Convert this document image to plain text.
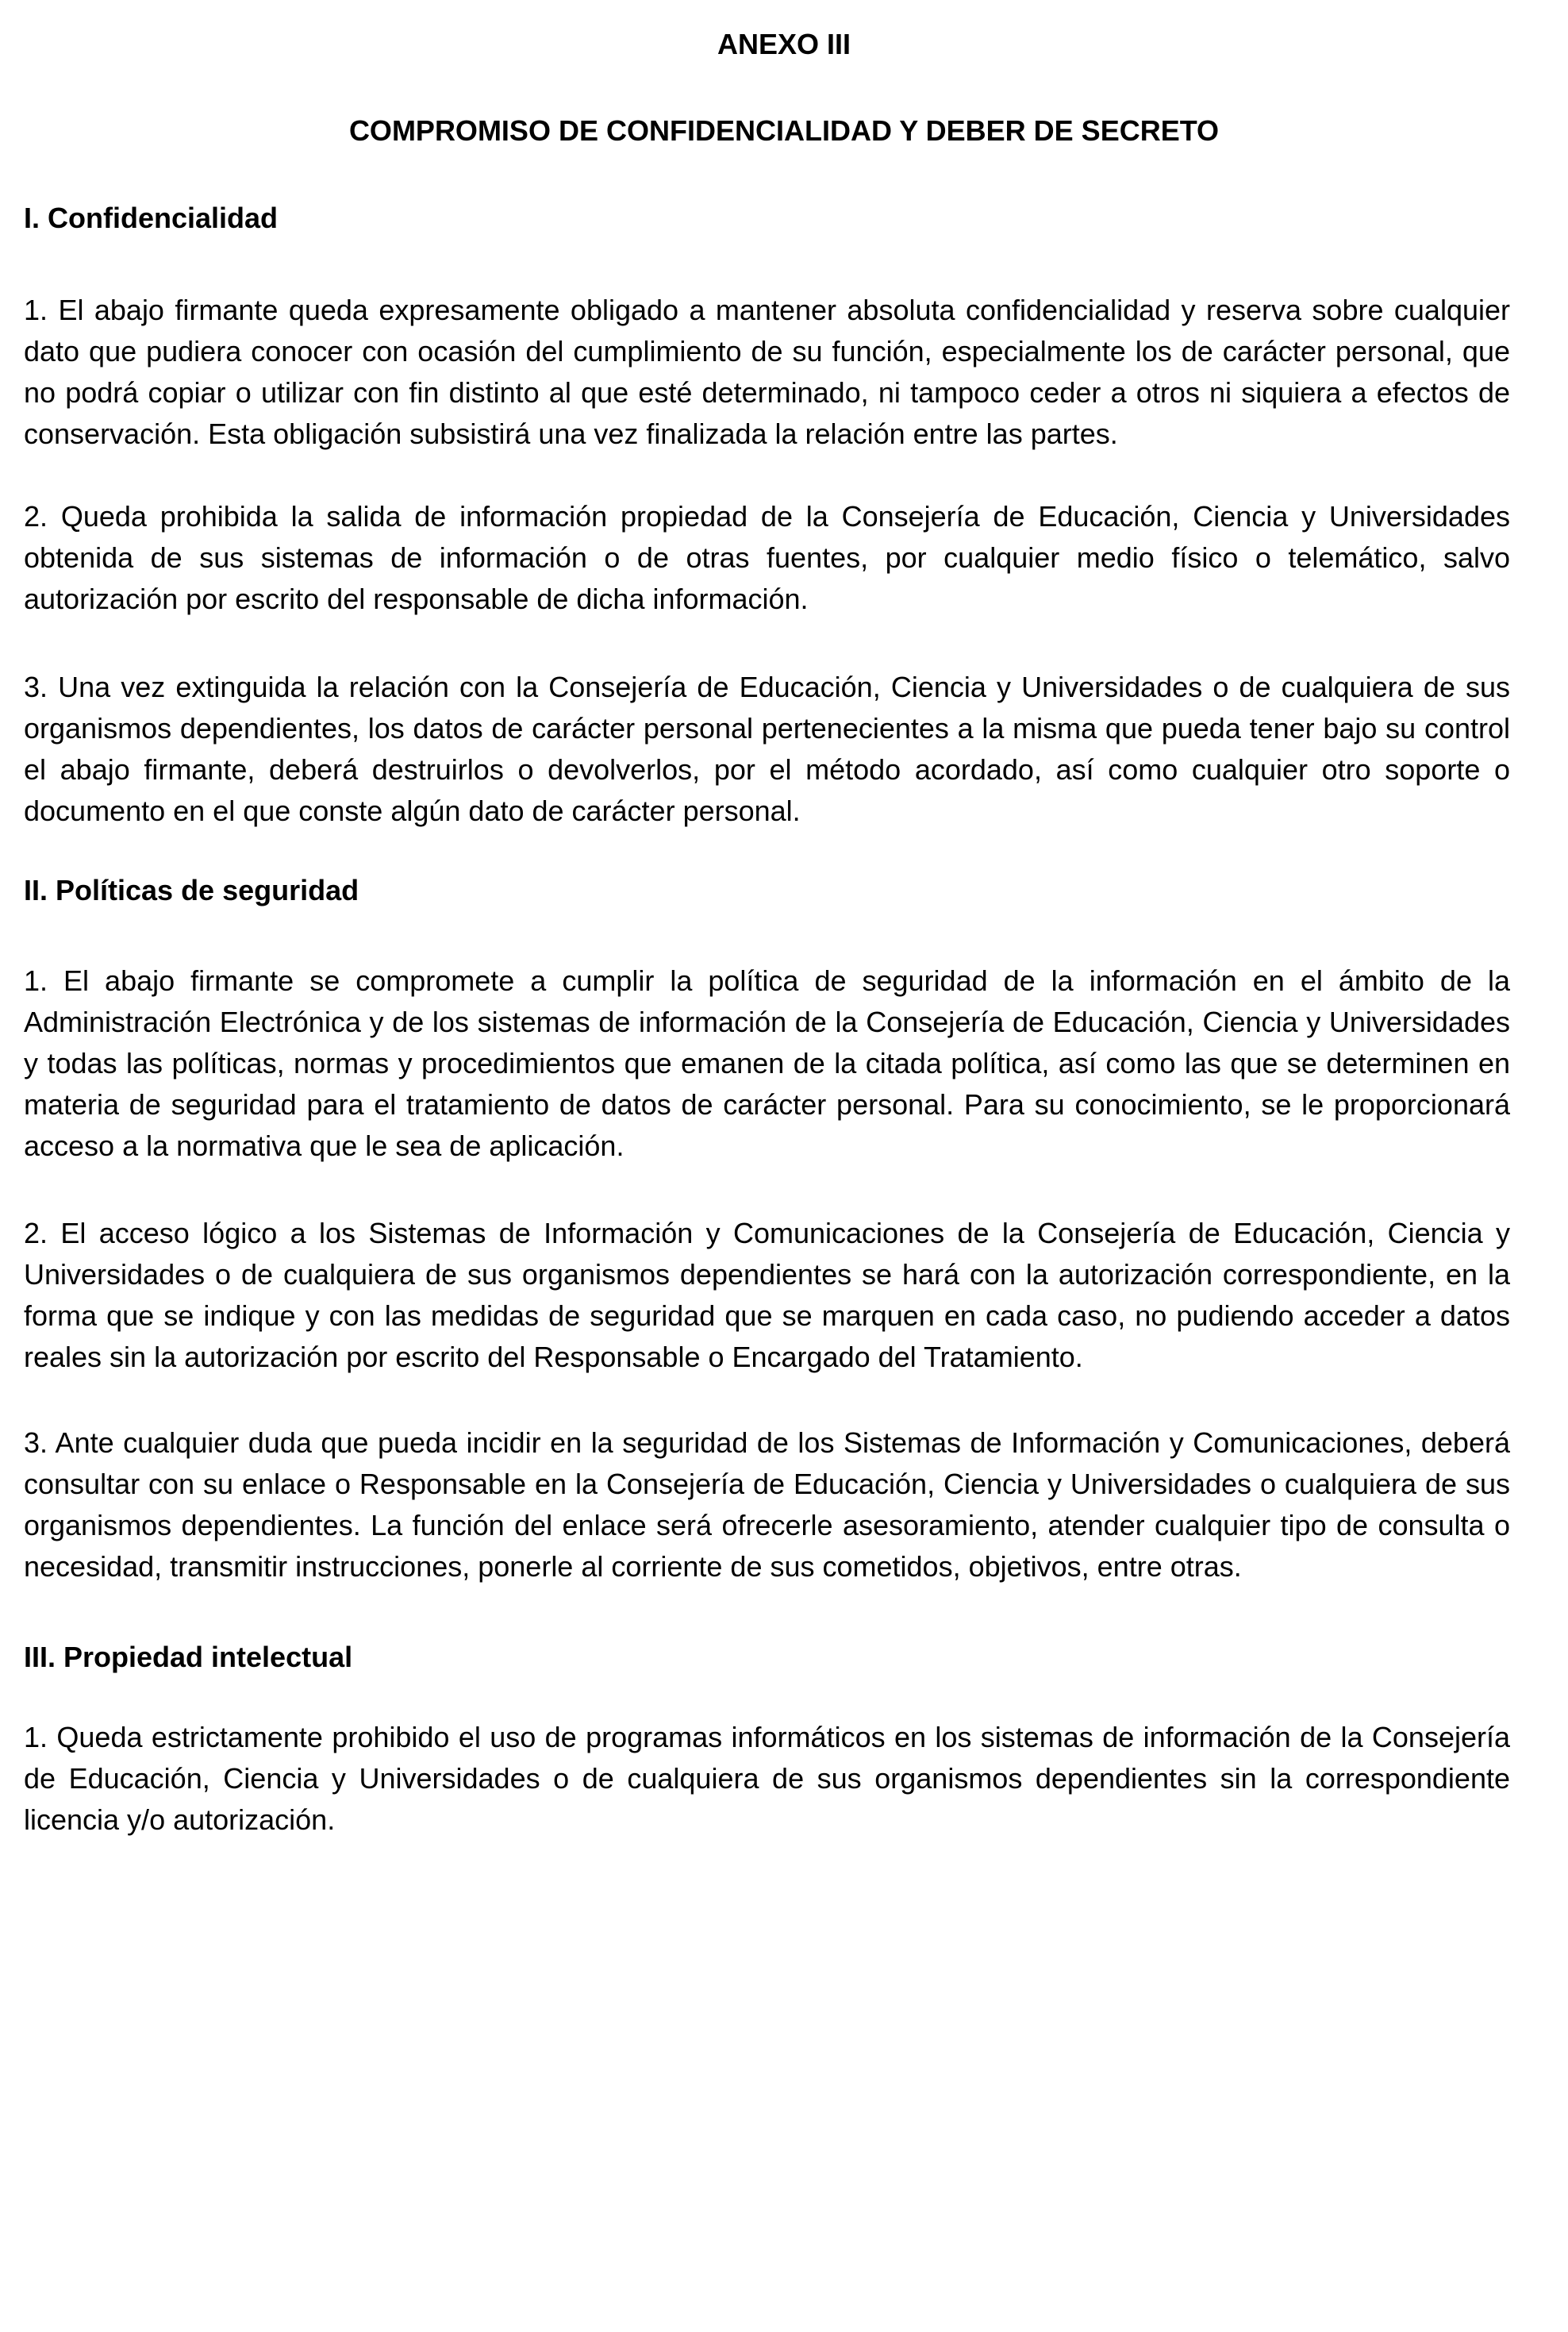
ANEXO III
COMPROMISO DE CONFIDENCIALIDAD Y DEBER DE SECRETO
I. Confidencialidad

1. El abajo firmante queda expresamente obligado a mantener absoluta confidencialidad y reserva sobre cualquier dato que pudiera conocer con ocasión del cumplimiento de su función, especialmente los de carácter personal, que no podrá copiar o utilizar con fin distinto al que esté determinado, ni tampoco ceder a otros ni siquiera a efectos de conservación. Esta obligación subsistirá una vez finalizada la relación entre las partes.

2. Queda prohibida la salida de información propiedad de la Consejería de Educación, Ciencia y Universidades obtenida de sus sistemas de información o de otras fuentes, por cualquier medio físico o telemático, salvo autorización por escrito del responsable de dicha información.

3. Una vez extinguida la relación con la Consejería de Educación, Ciencia y Universidades o de cualquiera de sus organismos dependientes, los datos de carácter personal pertenecientes a la misma que pueda tener bajo su control el abajo firmante, deberá destruirlos o devolverlos, por el método acordado, así como cualquier otro soporte o documento en el que conste algún dato de carácter personal.

II. Políticas de seguridad

1. El abajo firmante se compromete a cumplir la política de seguridad de la información en el ámbito de la Administración Electrónica y de los sistemas de información de la Consejería de Educación, Ciencia y Universidades y todas las políticas, normas y procedimientos que emanen de la citada política, así como las que se determinen en materia de seguridad para el tratamiento de datos de carácter personal. Para su conocimiento, se le proporcionará acceso a la normativa que le sea de aplicación.

2. El acceso lógico a los Sistemas de Información y Comunicaciones de la Consejería de Educación, Ciencia y Universidades o de cualquiera de sus organismos dependientes se hará con la autorización correspondiente, en la forma que se indique y con las medidas de seguridad que se marquen en cada caso, no pudiendo acceder a datos reales sin la autorización por escrito del Responsable o Encargado del Tratamiento.

3. Ante cualquier duda que pueda incidir en la seguridad de los Sistemas de Información y Comunicaciones, deberá consultar con su enlace o Responsable en la Consejería de Educación, Ciencia y Universidades o cualquiera de sus organismos dependientes. La función del enlace será ofrecerle asesoramiento, atender cualquier tipo de consulta o necesidad, transmitir instrucciones, ponerle al corriente de sus cometidos, objetivos, entre otras.

III. Propiedad intelectual

1. Queda estrictamente prohibido el uso de programas informáticos en los sistemas de información de la Consejería de Educación, Ciencia y Universidades o de cualquiera de sus organismos dependientes sin la correspondiente licencia y/o autorización.
